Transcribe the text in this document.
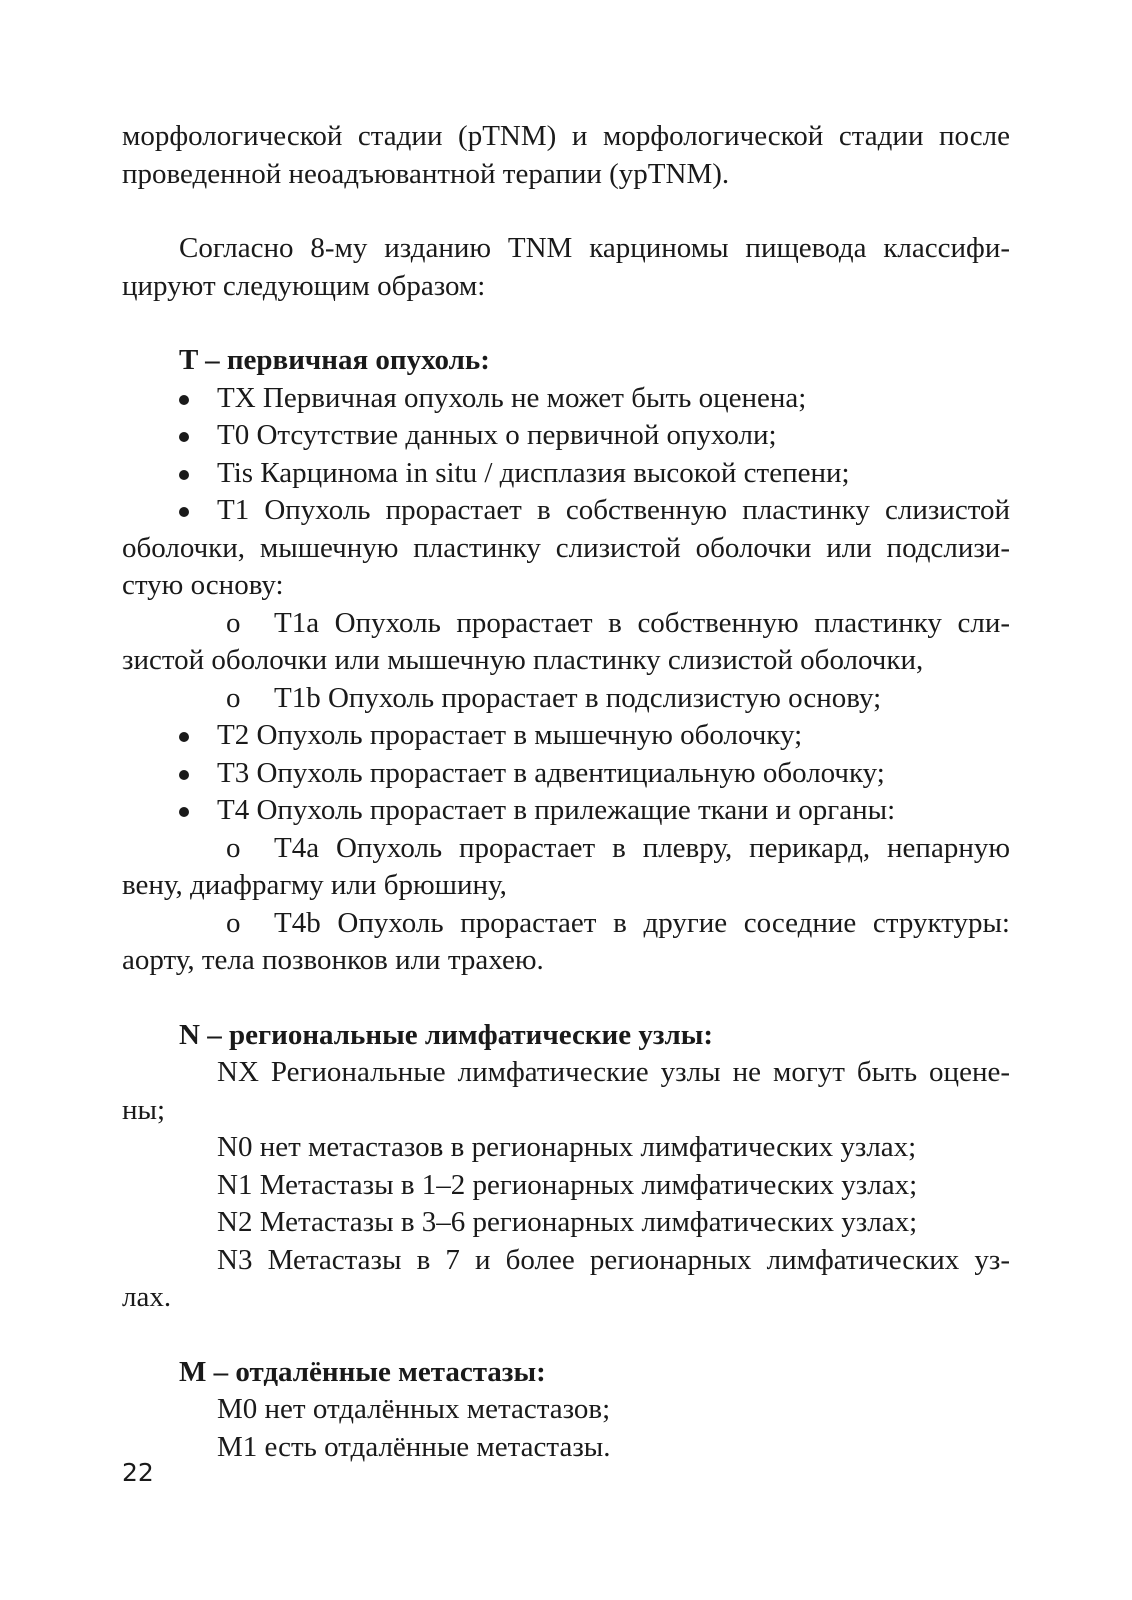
морфологической стадии (pTNM) и морфологической стадии после

проведенной неоадъювантной терапии (ypTNM).

Согласно 8-му изданию TNM карциномы пищевода классифи-

цируют следующим образом:

T – первичная опухоль:

TX Первичная опухоль не может быть оценена;

T0 Отсутствие данных о первичной опухоли;

Tis Карцинома in situ / дисплазия высокой степени;

T1 Опухоль прорастает в собственную пластинку слизистой

оболочки, мышечную пластинку слизистой оболочки или подслизи-

стую основу:

o T1a Опухоль прорастает в собственную пластинку сли-

зистой оболочки или мышечную пластинку слизистой оболочки,

o T1b Опухоль прорастает в подслизистую основу;

T2 Опухоль прорастает в мышечную оболочку;

T3 Опухоль прорастает в адвентициальную оболочку;

T4 Опухоль прорастает в прилежащие ткани и органы:

o T4a Опухоль прорастает в плевру, перикард, непарную

вену, диафрагму или брюшину,

o T4b Опухоль прорастает в другие соседние структуры:

аорту, тела позвонков или трахею.

N – региональные лимфатические узлы:

NX Региональные лимфатические узлы не могут быть оцене-

ны;

N0 нет метастазов в регионарных лимфатических узлах;

N1 Метастазы в 1–2 регионарных лимфатических узлах;

N2 Метастазы в 3–6 регионарных лимфатических узлах;

N3 Метастазы в 7 и более регионарных лимфатических уз-

лах.

M – отдалённые метастазы:

M0 нет отдалённых метастазов;

M1 есть отдалённые метастазы.

22
